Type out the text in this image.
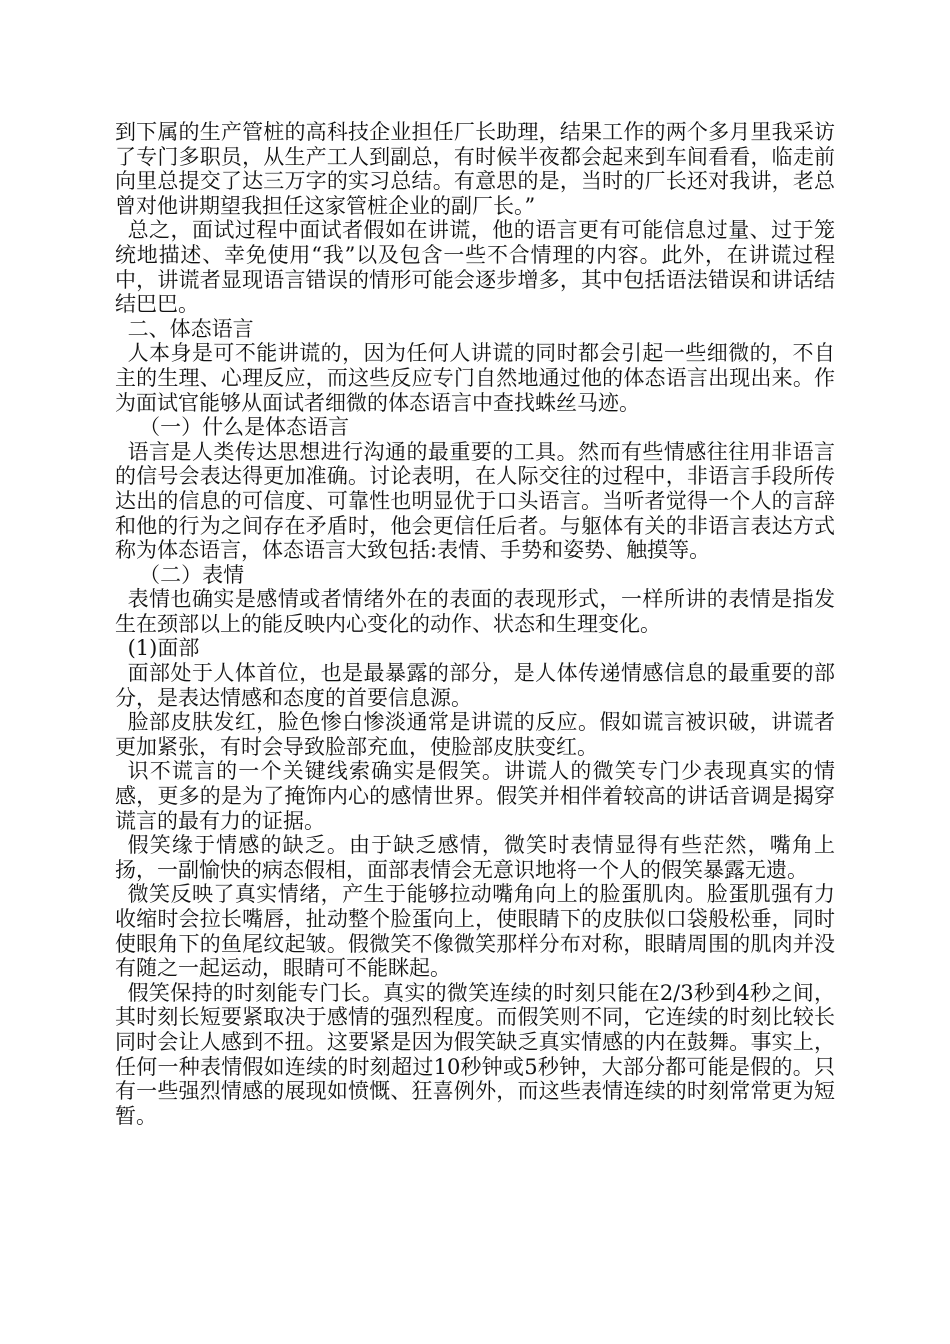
到下属的生产管桩的高科技企业担任厂长助理，结果工作的两个多月里我采访了专门多职员，从生产工人到副总，有时候半夜都会起来到车间看看，临走前向里总提交了达三万字的实习总结。有意思的是，当时的厂长还对我讲，老总曾对他讲期望我担任这家管桩企业的副厂长。”

总之，面试过程中面试者假如在讲谎，他的语言更有可能信息过量、过于笼统地描述、幸免使用“我”以及包含一些不合情理的内容。此外，在讲谎过程中，讲谎者显现语言错误的情形可能会逐步增多，其中包括语法错误和讲话结结巴巴。

二、体态语言

人本身是可不能讲谎的，因为任何人讲谎的同时都会引起一些细微的，不自主的生理、心理反应，而这些反应专门自然地通过他的体态语言出现出来。作为面试官能够从面试者细微的体态语言中查找蛛丝马迹。

（一）什么是体态语言

语言是人类传达思想进行沟通的最重要的工具。然而有些情感往往用非语言的信号会表达得更加准确。讨论表明，在人际交往的过程中，非语言手段所传达出的信息的可信度、可靠性也明显优于口头语言。当听者觉得一个人的言辞和他的行为之间存在矛盾时，他会更信任后者。与躯体有关的非语言表达方式称为体态语言，体态语言大致包括:表情、手势和姿势、触摸等。

（二）表情

表情也确实是感情或者情绪外在的表面的表现形式，一样所讲的表情是指发生在颈部以上的能反映内心变化的动作、状态和生理变化。

(1)面部

面部处于人体首位，也是最暴露的部分，是人体传递情感信息的最重要的部分，是表达情感和态度的首要信息源。

脸部皮肤发红，脸色惨白惨淡通常是讲谎的反应。假如谎言被识破，讲谎者更加紧张，有时会导致脸部充血，使脸部皮肤变红。

识不谎言的一个关键线索确实是假笑。讲谎人的微笑专门少表现真实的情感，更多的是为了掩饰内心的感情世界。假笑并相伴着较高的讲话音调是揭穿谎言的最有力的证据。

假笑缘于情感的缺乏。由于缺乏感情，微笑时表情显得有些茫然，嘴角上扬，一副愉快的病态假相，面部表情会无意识地将一个人的假笑暴露无遗。

微笑反映了真实情绪，产生于能够拉动嘴角向上的脸蛋肌肉。脸蛋肌强有力收缩时会拉长嘴唇，扯动整个脸蛋向上，使眼睛下的皮肤似口袋般松垂，同时使眼角下的鱼尾纹起皱。假微笑不像微笑那样分布对称，眼睛周围的肌肉并没有随之一起运动，眼睛可不能眯起。

假笑保持的时刻能专门长。真实的微笑连续的时刻只能在2/3秒到4秒之间，其时刻长短要紧取决于感情的强烈程度。而假笑则不同，它连续的时刻比较长同时会让人感到不扭。这要紧是因为假笑缺乏真实情感的内在鼓舞。事实上，任何一种表情假如连续的时刻超过10秒钟或5秒钟，大部分都可能是假的。只有一些强烈情感的展现如愤慨、狂喜例外，而这些表情连续的时刻常常更为短暂。
